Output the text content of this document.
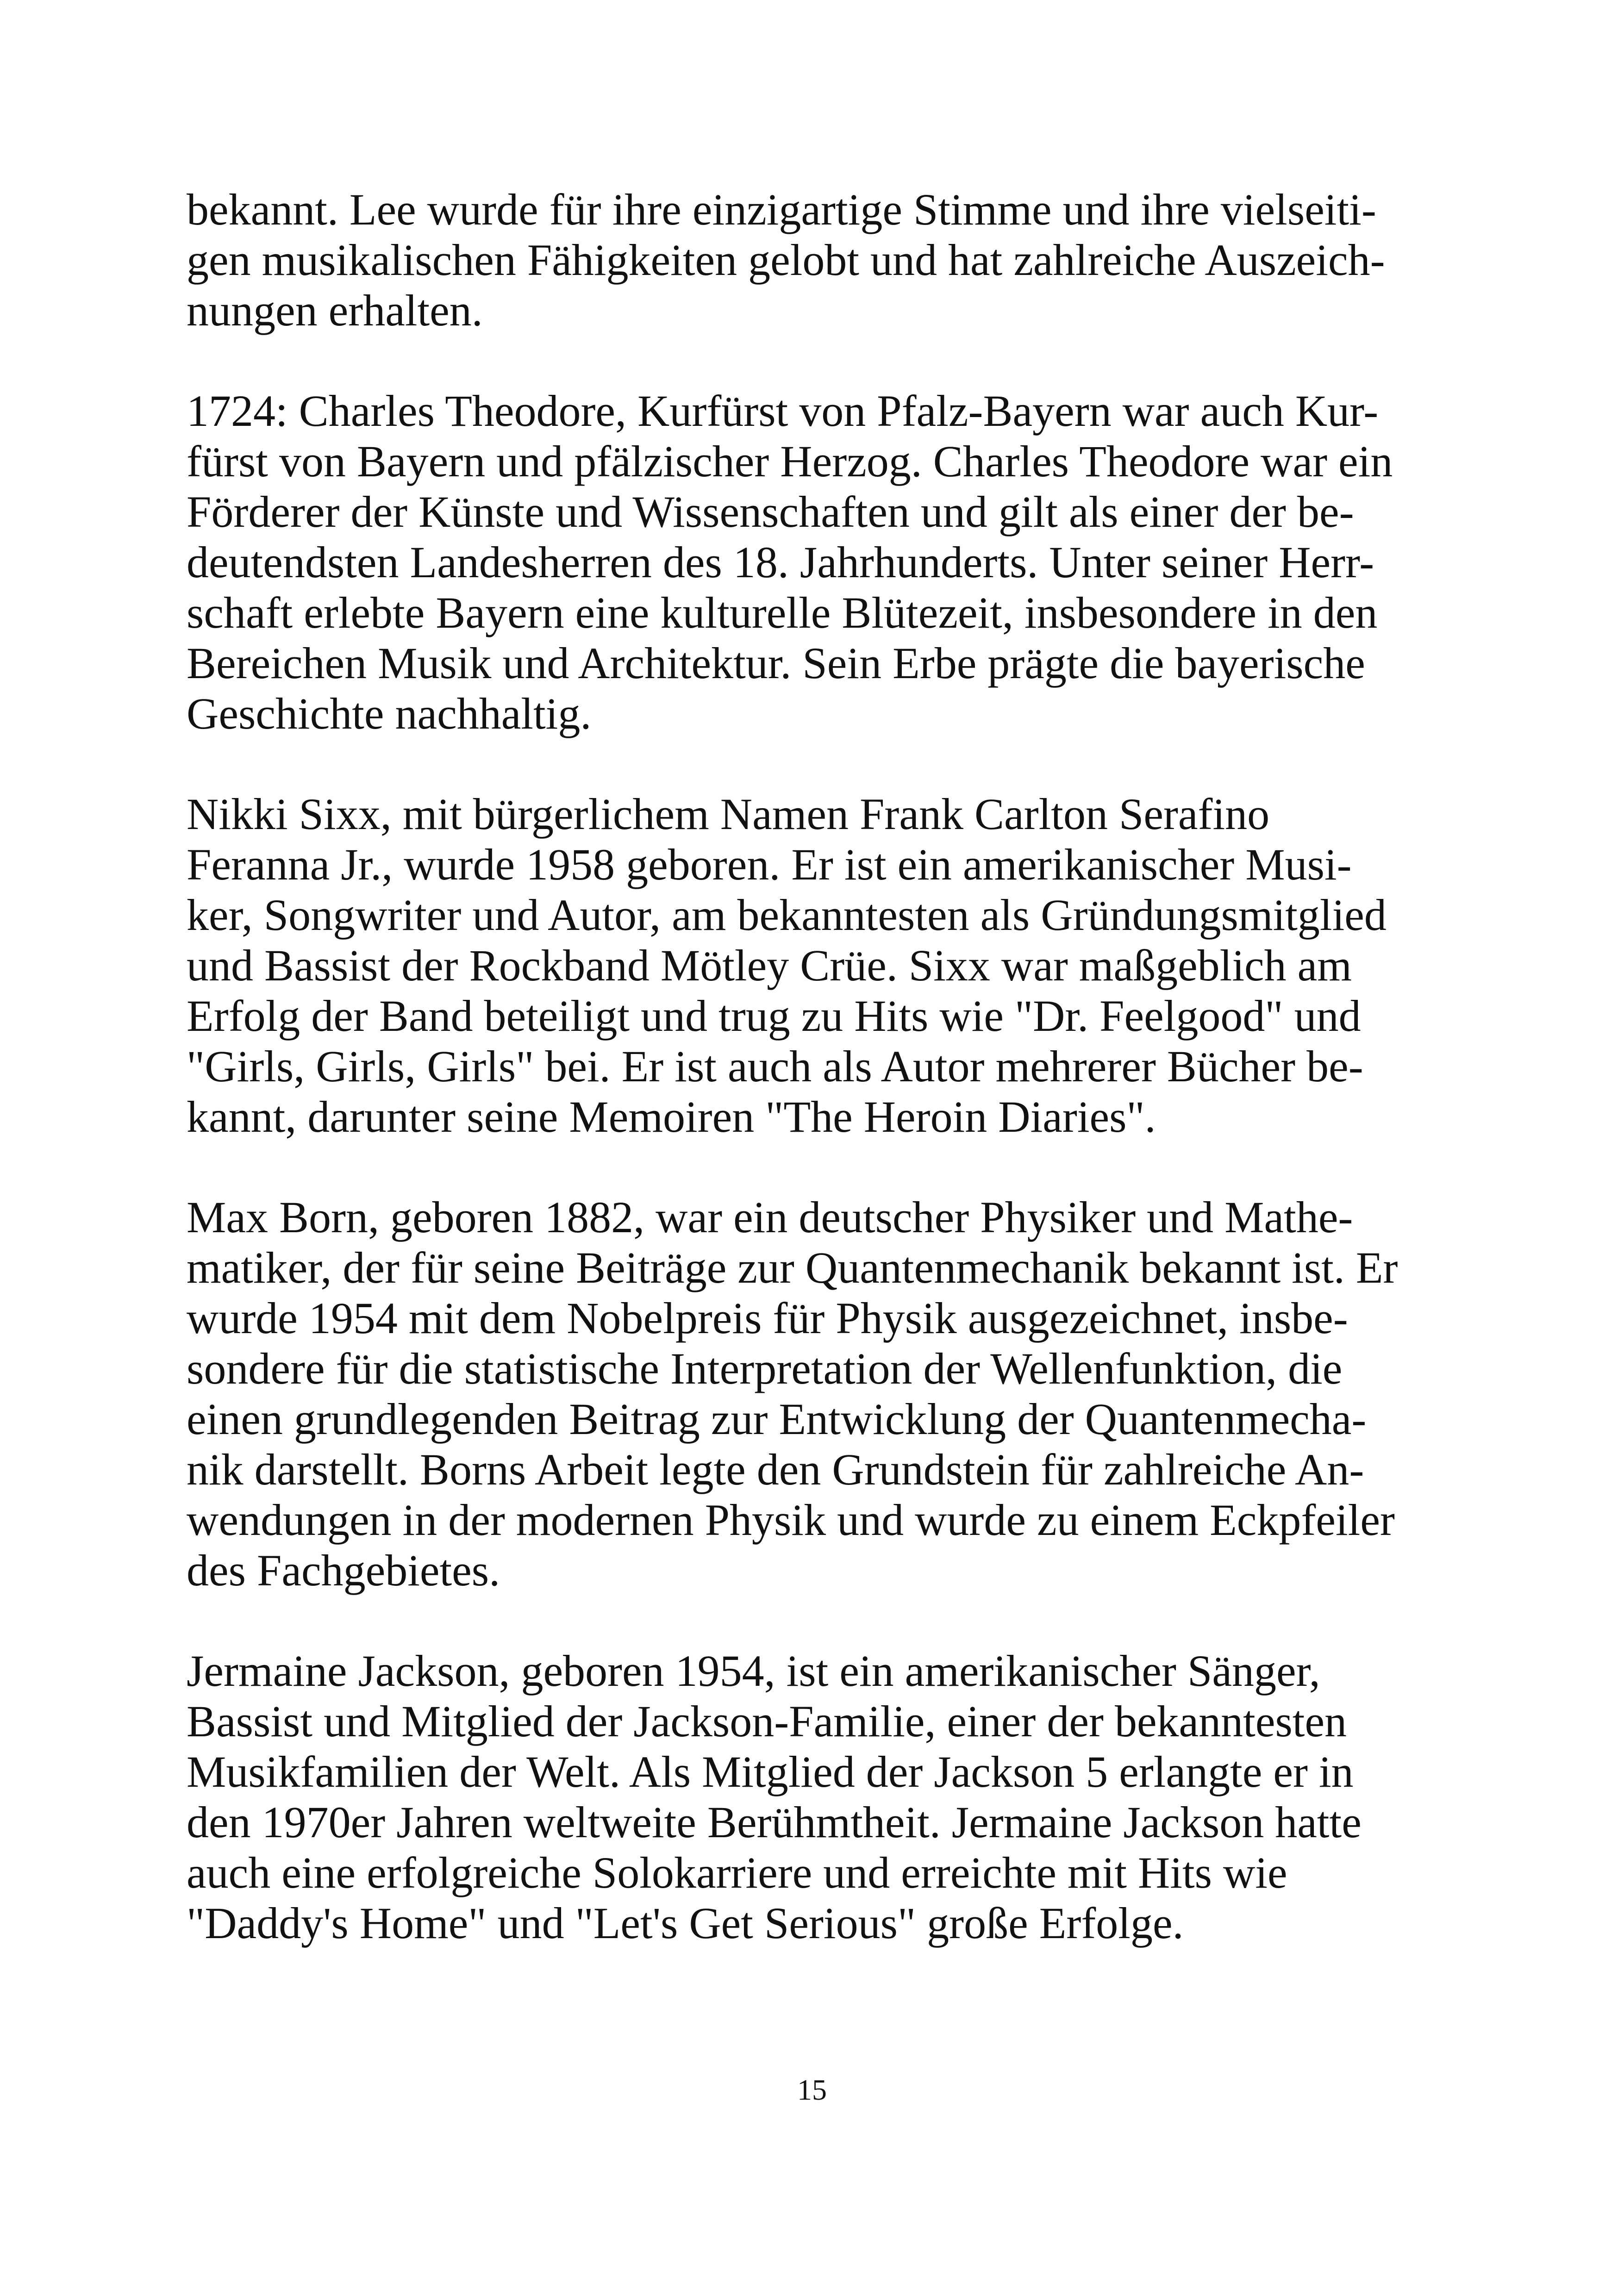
bekannt. Lee wurde für ihre einzigartige Stimme und ihre vielseiti-
gen musikalischen Fähigkeiten gelobt und hat zahlreiche Auszeich-
nungen erhalten.

1724: Charles Theodore, Kurfürst von Pfalz-Bayern war auch Kur-
fürst von Bayern und pfälzischer Herzog. Charles Theodore war ein
Förderer der Künste und Wissenschaften und gilt als einer der be-
deutendsten Landesherren des 18. Jahrhunderts. Unter seiner Herr-
schaft erlebte Bayern eine kulturelle Blütezeit, insbesondere in den
Bereichen Musik und Architektur. Sein Erbe prägte die bayerische
Geschichte nachhaltig.

Nikki Sixx, mit bürgerlichem Namen Frank Carlton Serafino
Feranna Jr., wurde 1958 geboren. Er ist ein amerikanischer Musi-
ker, Songwriter und Autor, am bekanntesten als Gründungsmitglied
und Bassist der Rockband Mötley Crüe. Sixx war maßgeblich am
Erfolg der Band beteiligt und trug zu Hits wie "Dr. Feelgood" und
"Girls, Girls, Girls" bei. Er ist auch als Autor mehrerer Bücher be-
kannt, darunter seine Memoiren "The Heroin Diaries".

Max Born, geboren 1882, war ein deutscher Physiker und Mathe-
matiker, der für seine Beiträge zur Quantenmechanik bekannt ist. Er
wurde 1954 mit dem Nobelpreis für Physik ausgezeichnet, insbe-
sondere für die statistische Interpretation der Wellenfunktion, die
einen grundlegenden Beitrag zur Entwicklung der Quantenmecha-
nik darstellt. Borns Arbeit legte den Grundstein für zahlreiche An-
wendungen in der modernen Physik und wurde zu einem Eckpfeiler
des Fachgebietes.

Jermaine Jackson, geboren 1954, ist ein amerikanischer Sänger,
Bassist und Mitglied der Jackson-Familie, einer der bekanntesten
Musikfamilien der Welt. Als Mitglied der Jackson 5 erlangte er in
den 1970er Jahren weltweite Berühmtheit. Jermaine Jackson hatte
auch eine erfolgreiche Solokarriere und erreichte mit Hits wie
"Daddy's Home" und "Let's Get Serious" große Erfolge.

15
